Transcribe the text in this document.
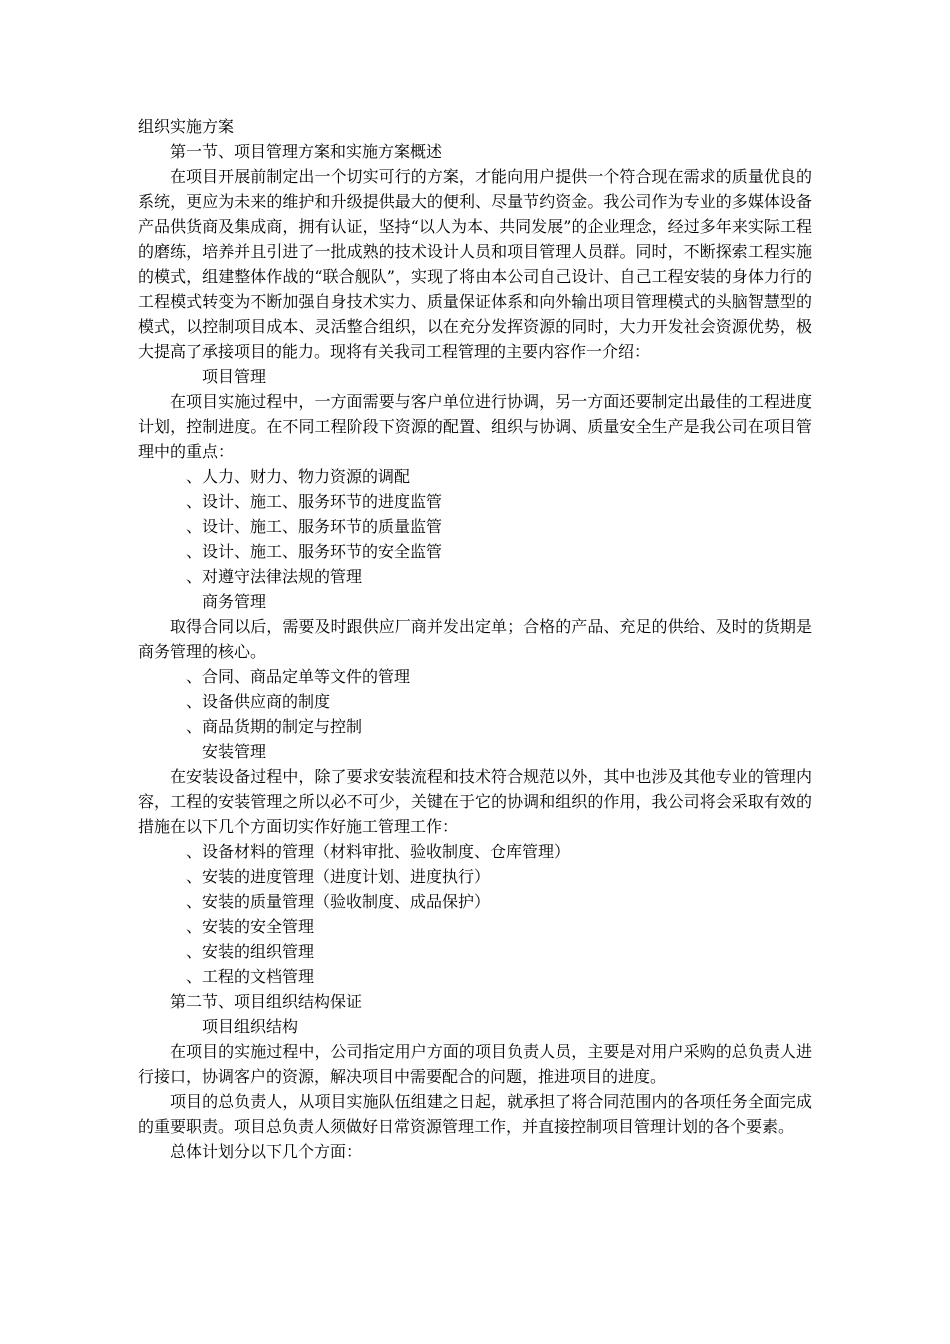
组织实施方案

第一节、项目管理方案和实施方案概述

在项目开展前制定出一个切实可行的方案，才能向用户提供一个符合现在需求的质量优良的系统，更应为未来的维护和升级提供最大的便利、尽量节约资金。我公司作为专业的多媒体设备产品供货商及集成商，拥有认证，坚持“以人为本、共同发展”的企业理念，经过多年来实际工程的磨练，培养并且引进了一批成熟的技术设计人员和项目管理人员群。同时，不断探索工程实施的模式，组建整体作战的“联合舰队”，实现了将由本公司自己设计、自己工程安装的身体力行的工程模式转变为不断加强自身技术实力、质量保证体系和向外输出项目管理模式的头脑智慧型的模式，以控制项目成本、灵活整合组织，以在充分发挥资源的同时，大力开发社会资源优势，极大提高了承接项目的能力。现将有关我司工程管理的主要内容作一介绍：

项目管理

在项目实施过程中，一方面需要与客户单位进行协调，另一方面还要制定出最佳的工程进度计划，控制进度。在不同工程阶段下资源的配置、组织与协调、质量安全生产是我公司在项目管理中的重点：

、人力、财力、物力资源的调配

、设计、施工、服务环节的进度监管

、设计、施工、服务环节的质量监管

、设计、施工、服务环节的安全监管

、对遵守法律法规的管理

商务管理

取得合同以后，需要及时跟供应厂商并发出定单；合格的产品、充足的供给、及时的货期是商务管理的核心。

、合同、商品定单等文件的管理

、设备供应商的制度

、商品货期的制定与控制

安装管理

在安装设备过程中，除了要求安装流程和技术符合规范以外，其中也涉及其他专业的管理内容，工程的安装管理之所以必不可少，关键在于它的协调和组织的作用，我公司将会采取有效的措施在以下几个方面切实作好施工管理工作：

、设备材料的管理（材料审批、验收制度、仓库管理）

、安装的进度管理（进度计划、进度执行）

、安装的质量管理（验收制度、成品保护）

、安装的安全管理

、安装的组织管理

、工程的文档管理

第二节、项目组织结构保证

项目组织结构

在项目的实施过程中，公司指定用户方面的项目负责人员，主要是对用户采购的总负责人进行接口，协调客户的资源，解决项目中需要配合的问题，推进项目的进度。

项目的总负责人，从项目实施队伍组建之日起，就承担了将合同范围内的各项任务全面完成的重要职责。项目总负责人须做好日常资源管理工作，并直接控制项目管理计划的各个要素。

总体计划分以下几个方面：
